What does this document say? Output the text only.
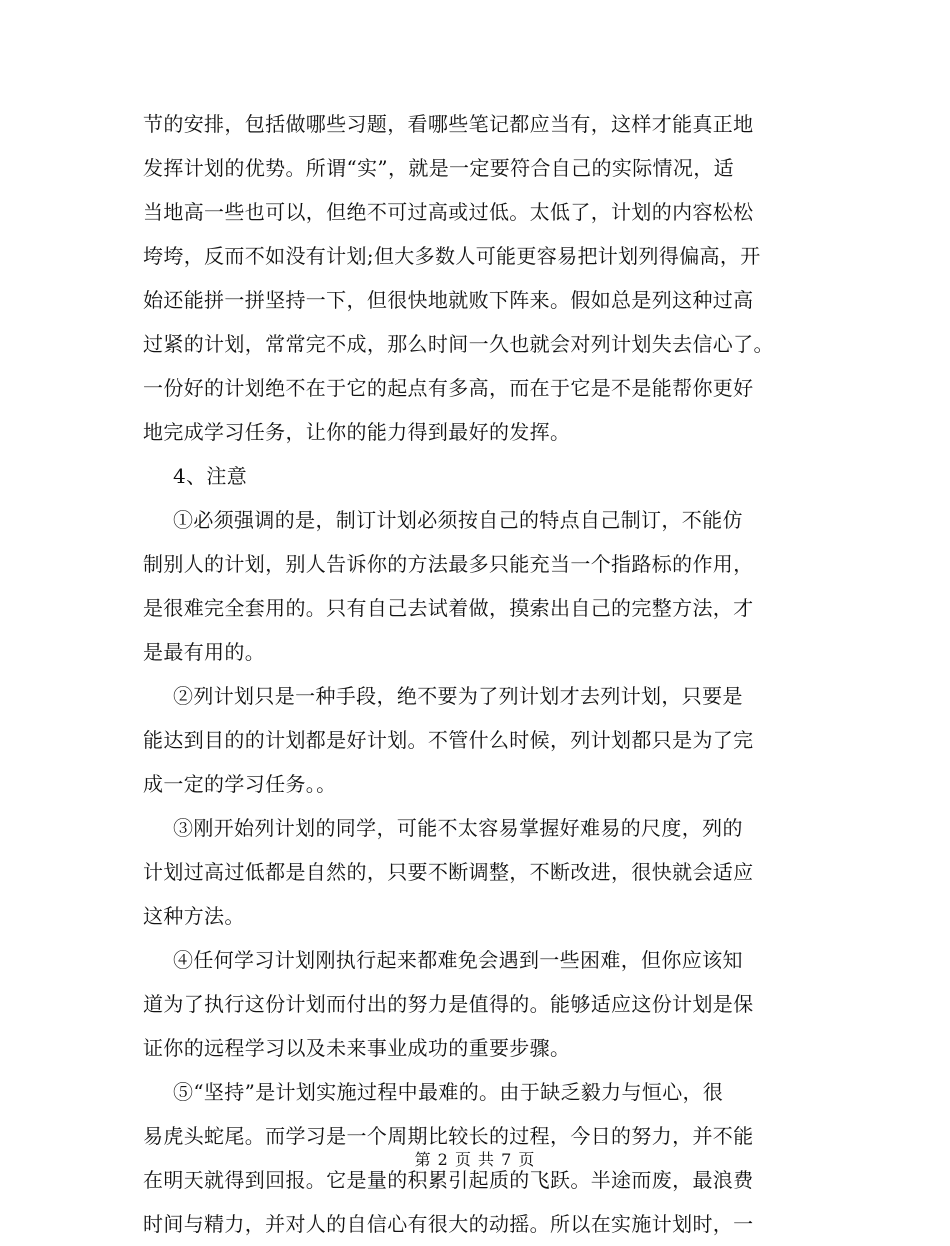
节的安排，包括做哪些习题，看哪些笔记都应当有，这样才能真正地
发挥计划的优势。所谓“实”，就是一定要符合自己的实际情况，适
当地高一些也可以，但绝不可过高或过低。太低了，计划的内容松松
垮垮，反而不如没有计划;但大多数人可能更容易把计划列得偏高，开
始还能拼一拼坚持一下，但很快地就败下阵来。假如总是列这种过高
过紧的计划，常常完不成，那么时间一久也就会对列计划失去信心了。
一份好的计划绝不在于它的起点有多高，而在于它是不是能帮你更好
地完成学习任务，让你的能力得到最好的发挥。
4、注意
①必须强调的是，制订计划必须按自己的特点自己制订，不能仿
制别人的计划，别人告诉你的方法最多只能充当一个指路标的作用，
是很难完全套用的。只有自己去试着做，摸索出自己的完整方法，才
是最有用的。
②列计划只是一种手段，绝不要为了列计划才去列计划，只要是
能达到目的的计划都是好计划。不管什么时候，列计划都只是为了完
成一定的学习任务。。
③刚开始列计划的同学，可能不太容易掌握好难易的尺度，列的
计划过高过低都是自然的，只要不断调整，不断改进，很快就会适应
这种方法。
④任何学习计划刚执行起来都难免会遇到一些困难，但你应该知
道为了执行这份计划而付出的努力是值得的。能够适应这份计划是保
证你的远程学习以及未来事业成功的重要步骤。
⑤“坚持”是计划实施过程中最难的。由于缺乏毅力与恒心，很
易虎头蛇尾。而学习是一个周期比较长的过程，今日的努力，并不能
在明天就得到回报。它是量的积累引起质的飞跃。半途而废，最浪费
时间与精力，并对人的自信心有很大的动摇。所以在实施计划时，一
第 2 页 共 7 页
